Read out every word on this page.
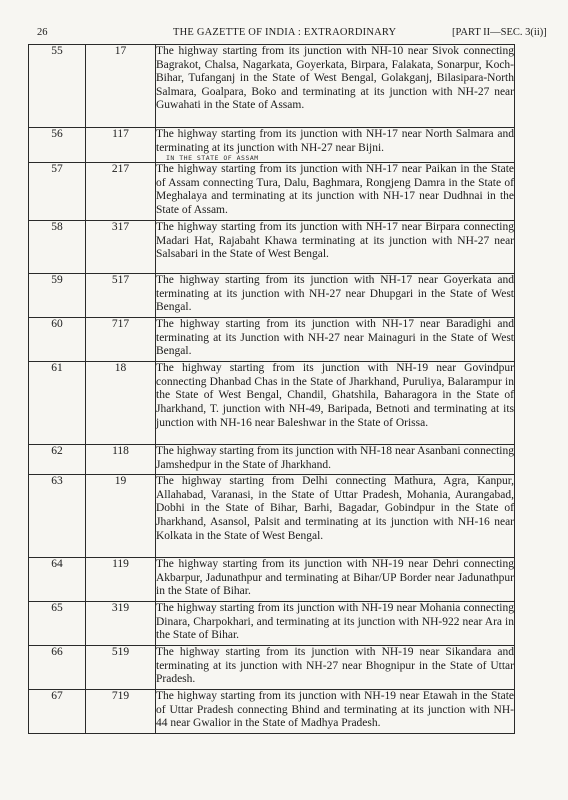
26	THE GAZETTE OF INDIA : EXTRAORDINARY	[PART II—SEC. 3(ii)]
55	17	The highway starting from its junction with NH-10 near Sivok connecting Bagrakot, Chalsa, Nagarkata, Goyerkata, Birpara, Falakata, Sonarpur, Koch-Bihar, Tufanganj in the State of West Bengal, Golakganj, Bilasipara-North Salmara, Goalpara, Boko and terminating at its junction with NH-27 near Guwahati in the State of Assam.
56	117	The highway starting from its junction with NH-17 near North Salmara and terminating at its junction with NH-27 near Bijni.
IN THE STATE OF ASSAM

57	217	The highway starting from its junction with NH-17 near Paikan in the State of Assam connecting Tura, Dalu, Baghmara, Rongjeng Damra in the State of Meghalaya and terminating at its junction with NH-17 near Dudhnai in the State of Assam.
58	317	The highway starting from its junction with NH-17 near Birpara connecting Madari Hat, Rajabaht Khawa terminating at its junction with NH-27 near Salsabari in the State of West Bengal.
59	517	The highway starting from its junction with NH-17 near Goyerkata and terminating at its junction with NH-27 near Dhupgari in the State of West Bengal.
60	717	The highway starting from its junction with NH-17 near Baradighi and terminating at its Junction with NH-27 near Mainaguri in the State of West Bengal.
61	18	The highway starting from its junction with NH-19 near Govindpur connecting Dhanbad Chas in the State of Jharkhand, Puruliya, Balarampur in the State of West Bengal, Chandil, Ghatshila, Baharagora in the State of Jharkhand, T. junction with NH-49, Baripada, Betnoti and terminating at its junction with NH-16 near Baleshwar in the State of Orissa.
62	118	The highway starting from its junction with NH-18 near Asanbani connecting Jamshedpur in the State of Jharkhand.
63	19	The highway starting from Delhi connecting Mathura, Agra, Kanpur, Allahabad, Varanasi, in the State of Uttar Pradesh, Mohania, Aurangabad, Dobhi in the State of Bihar, Barhi, Bagadar, Gobindpur in the State of Jharkhand, Asansol, Palsit and terminating at its junction with NH-16 near Kolkata in the State of West Bengal.
64	119	The highway starting from its junction with NH-19 near Dehri connecting Akbarpur, Jadunathpur and terminating at Bihar/UP Border near Jadunathpur in the State of Bihar.
65	319	The highway starting from its junction with NH-19 near Mohania connecting Dinara, Charpokhari, and terminating at its junction with NH-922 near Ara in the State of Bihar.
66	519	The highway starting from its junction with NH-19 near Sikandara and terminating at its junction with NH-27 near Bhognipur in the State of Uttar Pradesh.
67	719	The highway starting from its junction with NH-19 near Etawah in the State of Uttar Pradesh connecting Bhind and terminating at its junction with NH-44 near Gwalior in the State of Madhya Pradesh.
